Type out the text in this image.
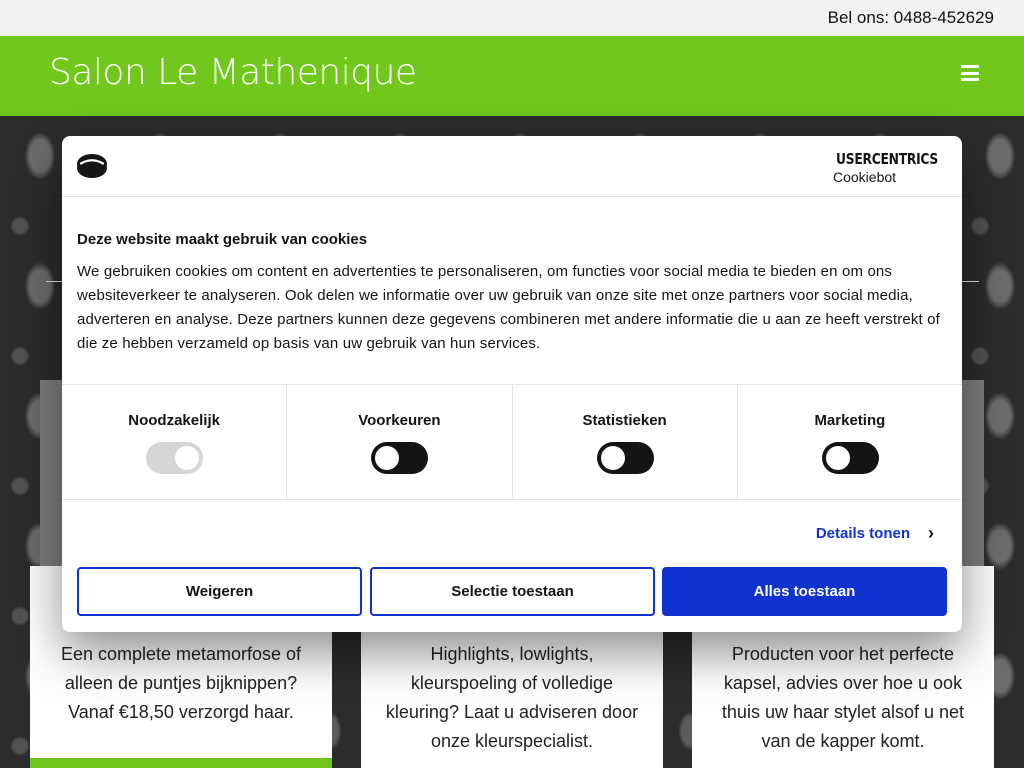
Bel ons: 0488-452629
Salon Le Mathenique
Een complete metamorfose of alleen de puntjes bijknippen? Vanaf €18,50 verzorgd haar.
Highlights, lowlights, kleurspoeling of volledige kleuring? Laat u adviseren door onze kleurspecialist.
Producten voor het perfecte kapsel, advies over hoe u ook thuis uw haar stylet alsof u net van de kapper komt.
USERCENTRICS
Cookiebot
Deze website maakt gebruik van cookies
We gebruiken cookies om content en advertenties te personaliseren, om functies voor social media te bieden en om ons websiteverkeer te analyseren. Ook delen we informatie over uw gebruik van onze site met onze partners voor social media, adverteren en analyse. Deze partners kunnen deze gegevens combineren met andere informatie die u aan ze heeft verstrekt of die ze hebben verzameld op basis van uw gebruik van hun services.
Noodzakelijk	Voorkeuren	Statistieken	Marketing
Details tonen ›
Weigeren	Selectie toestaan	Alles toestaan
